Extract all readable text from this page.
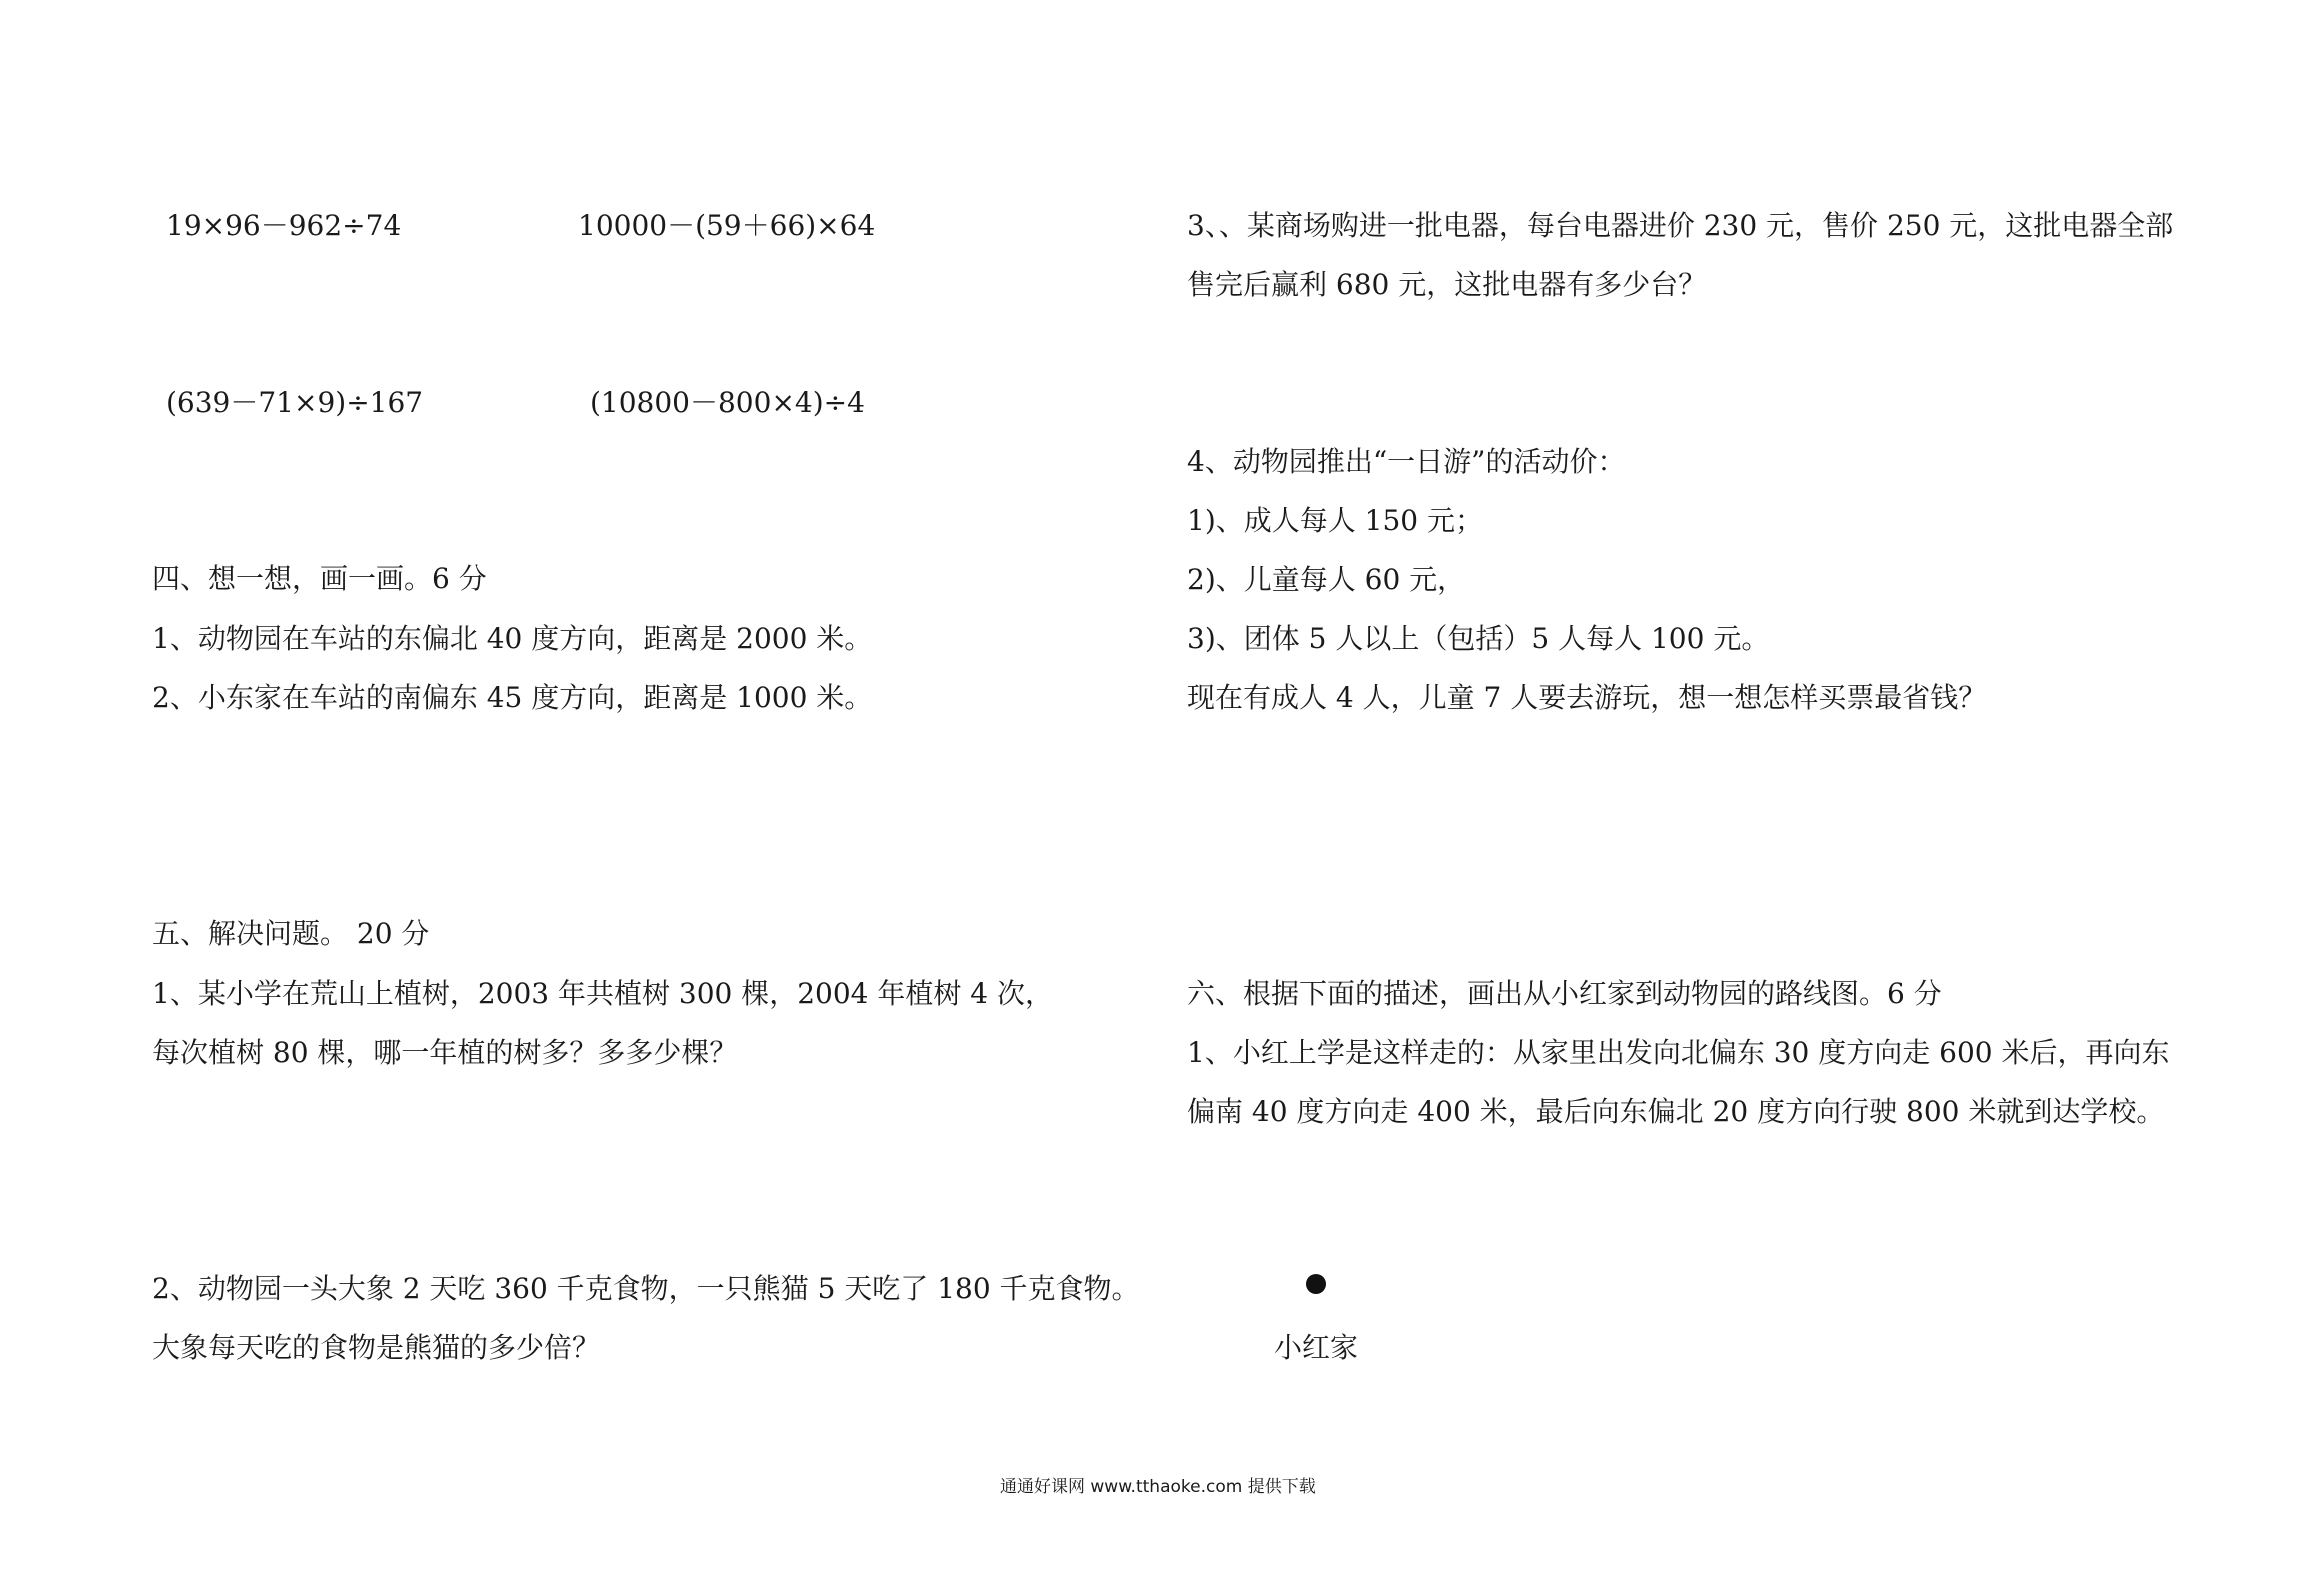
19×96－962÷74	10000－(59＋66)×64
(639－71×9)÷167	(10800－800×4)÷4
四、想一想，画一画。6 分
1、动物园在车站的东偏北 40 度方向，距离是 2000 米。
2、小东家在车站的南偏东 45 度方向，距离是 1000 米。
五、解决问题。 20 分
1、某小学在荒山上植树，2003 年共植树 300 棵，2004 年植树 4 次，
每次植树 80 棵，哪一年植的树多？多多少棵？
2、动物园一头大象 2 天吃 360 千克食物，一只熊猫 5 天吃了 180 千克食物。
大象每天吃的食物是熊猫的多少倍？
3、、某商场购进一批电器，每台电器进价 230 元，售价 250 元，这批电器全部
售完后赢利 680 元，这批电器有多少台？
4、动物园推出“一日游”的活动价：
1)、成人每人 150 元；
2)、儿童每人 60 元，
3)、团体 5 人以上（包括）5 人每人 100 元。
现在有成人 4 人，儿童 7 人要去游玩，想一想怎样买票最省钱？
六、根据下面的描述，画出从小红家到动物园的路线图。6 分
1、小红上学是这样走的：从家里出发向北偏东 30 度方向走 600 米后，再向东
偏南 40 度方向走 400 米，最后向东偏北 20 度方向行驶 800 米就到达学校。
小红家
通通好课网 www.tthaoke.com 提供下载
